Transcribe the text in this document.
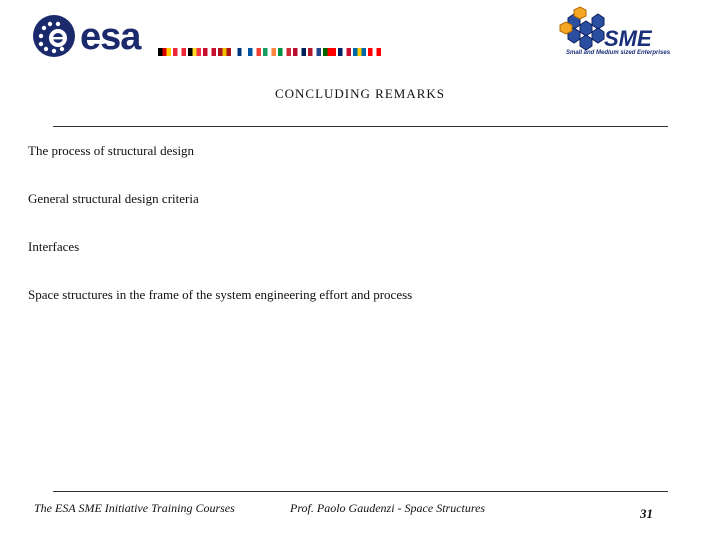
esa	SME
Small and Medium sized Enterprises
CONCLUDING REMARKS
The process of structural design
General structural design criteria
Interfaces
Space structures in the frame of the system engineering effort and process
The ESA SME Initiative Training Courses	Prof. Paolo Gaudenzi - Space Structures	31
